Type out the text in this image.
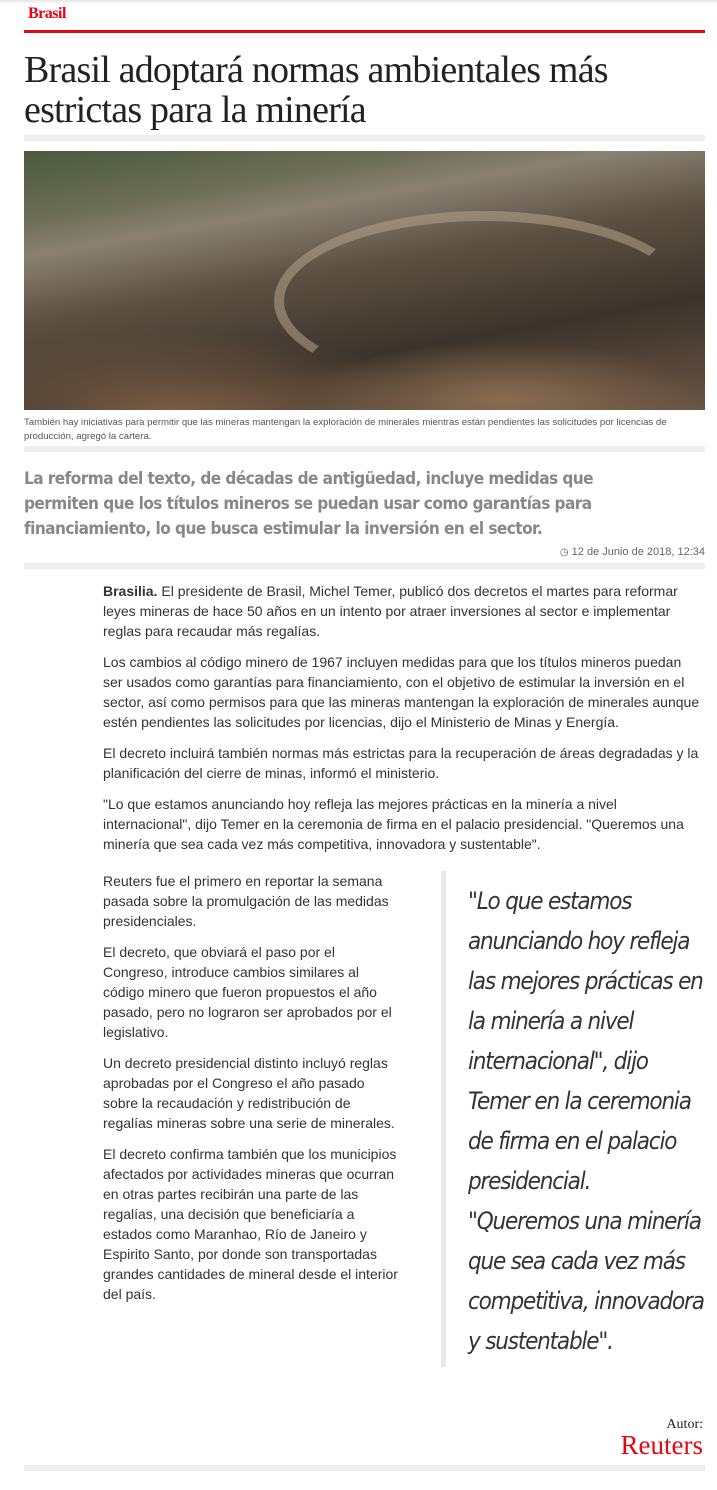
Brasil
Brasil adoptará normas ambientales más estrictas para la minería
También hay iniciativas para permitir que las mineras mantengan la exploración de minerales mientras están pendientes las solicitudes por licencias de producción, agregó la cartera.
La reforma del texto, de décadas de antigüedad, incluye medidas que permiten que los títulos mineros se puedan usar como garantías para financiamiento, lo que busca estimular la inversión en el sector.
◷ 12 de Junio de 2018, 12:34

Brasilia. El presidente de Brasil, Michel Temer, publicó dos decretos el martes para reformar leyes mineras de hace 50 años en un intento por atraer inversiones al sector e implementar reglas para recaudar más regalías.

Los cambios al código minero de 1967 incluyen medidas para que los títulos mineros puedan ser usados como garantías para financiamiento, con el objetivo de estimular la inversión en el sector, así como permisos para que las mineras mantengan la exploración de minerales aunque estén pendientes las solicitudes por licencias, dijo el Ministerio de Minas y Energía.

El decreto incluirá también normas más estrictas para la recuperación de áreas degradadas y la planificación del cierre de minas, informó el ministerio.

"Lo que estamos anunciando hoy refleja las mejores prácticas en la minería a nivel internacional", dijo Temer en la ceremonia de firma en el palacio presidencial. "Queremos una minería que sea cada vez más competitiva, innovadora y sustentable".

Reuters fue el primero en reportar la semana pasada sobre la promulgación de las medidas presidenciales.

El decreto, que obviará el paso por el Congreso, introduce cambios similares al código minero que fueron propuestos el año pasado, pero no lograron ser aprobados por el legislativo.

Un decreto presidencial distinto incluyó reglas aprobadas por el Congreso el año pasado sobre la recaudación y redistribución de regalías mineras sobre una serie de minerales.

El decreto confirma también que los municipios afectados por actividades mineras que ocurran en otras partes recibirán una parte de las regalías, una decisión que beneficiaría a estados como Maranhao, Río de Janeiro y Espirito Santo, por donde son transportadas grandes cantidades de mineral desde el interior del país.

"Lo que estamos anunciando hoy refleja las mejores prácticas en la minería a nivel internacional", dijo Temer en la ceremonia de firma en el palacio presidencial. "Queremos una minería que sea cada vez más competitiva, innovadora y sustentable".
Autor:
Reuters
